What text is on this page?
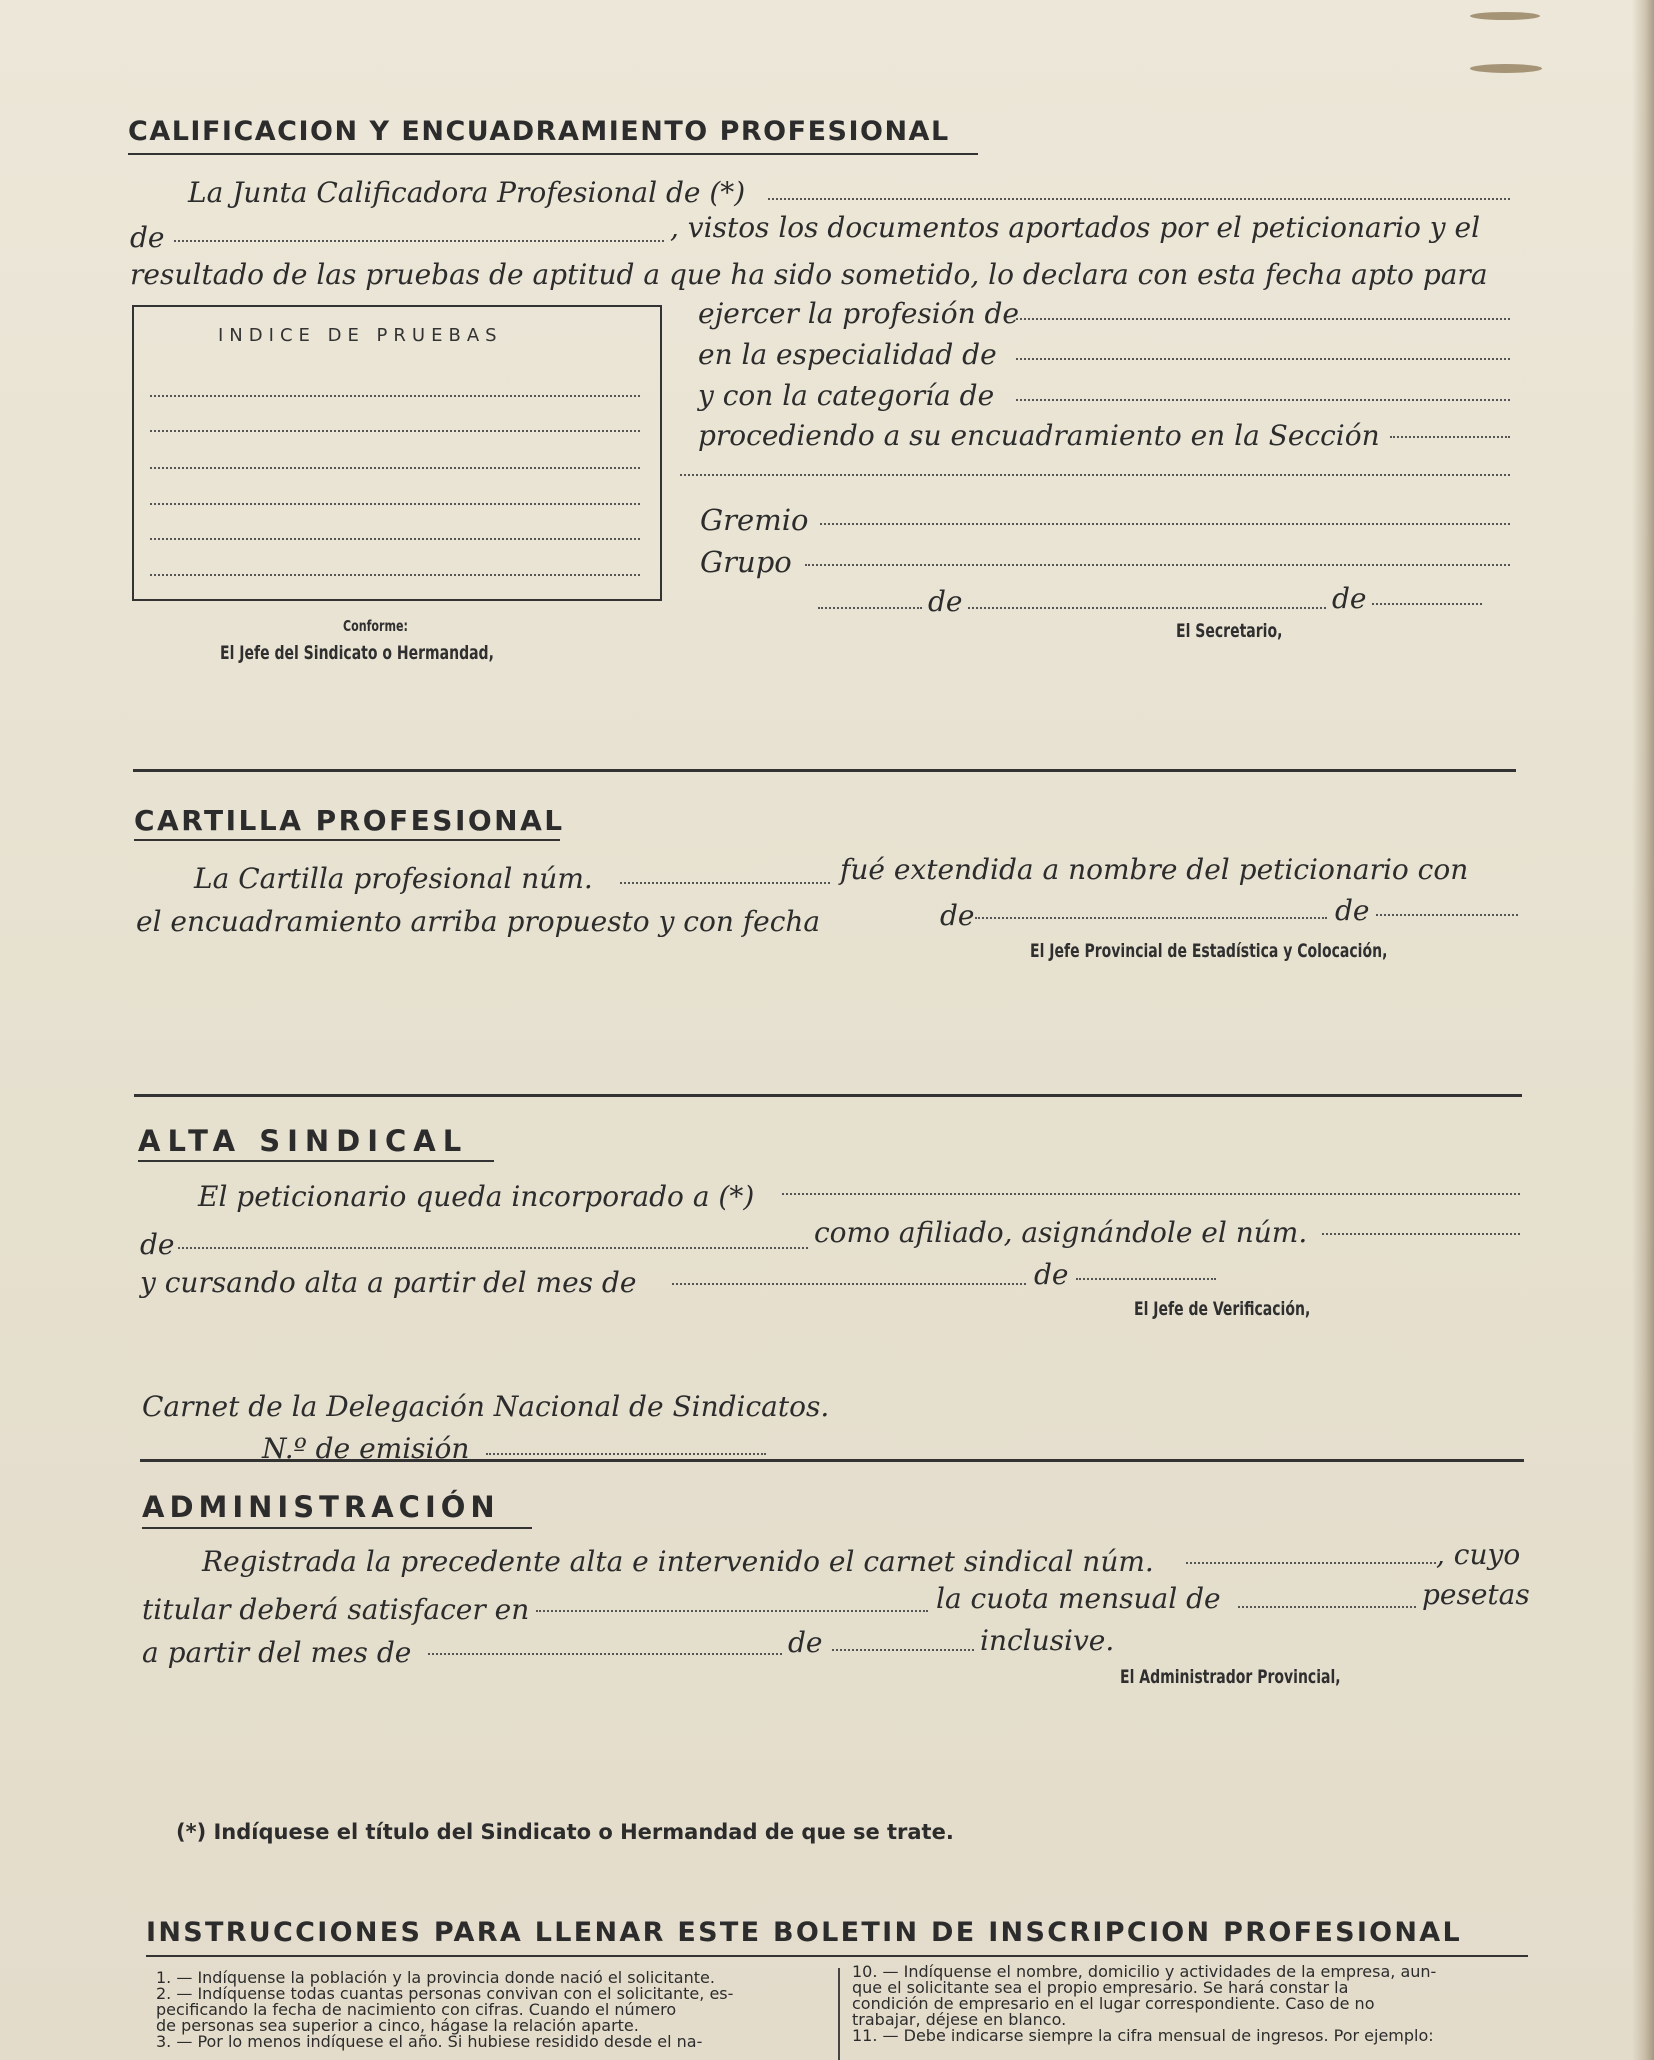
CALIFICACION Y ENCUADRAMIENTO PROFESIONAL
La Junta Calificadora Profesional de (*)
de	, vistos los documentos aportados por el peticionario y el
resultado de las pruebas de aptitud a que ha sido sometido, lo declara con esta fecha apto para
INDICE DE PRUEBAS
ejercer la profesión de
en la especialidad de
y con la categoría de
procediendo a su encuadramiento en la Sección
Gremio
Grupo
de	de
Conforme:
El Jefe del Sindicato o Hermandad,
El Secretario,
CARTILLA PROFESIONAL
La Cartilla profesional núm.	fué extendida a nombre del peticionario con
el encuadramiento arriba propuesto y con fecha	de	de
El Jefe Provincial de Estadística y Colocación,
ALTA SINDICAL
El peticionario queda incorporado a (*)
de	como afiliado, asignándole el núm.
y cursando alta a partir del mes de	de
El Jefe de Verificación,
Carnet de la Delegación Nacional de Sindicatos.
N.º de emisión
ADMINISTRACIÓN
Registrada la precedente alta e intervenido el carnet sindical núm.	, cuyo
titular deberá satisfacer en	la cuota mensual de	pesetas
a partir del mes de	de	inclusive.
El Administrador Provincial,
(*) Indíquese el título del Sindicato o Hermandad de que se trate.
INSTRUCCIONES PARA LLENAR ESTE BOLETIN DE INSCRIPCION PROFESIONAL

1. — Indíquense la población y la provincia donde nació el solicitante.

2. — Indíquense todas cuantas personas convivan con el solicitante, es-

pecificando la fecha de nacimiento con cifras. Cuando el número

de personas sea superior a cinco, hágase la relación aparte.

3. — Por lo menos indíquese el año. Si hubiese residido desde el na-

10. — Indíquense el nombre, domicilio y actividades de la empresa, aun-

que el solicitante sea el propio empresario. Se hará constar la

condición de empresario en el lugar correspondiente. Caso de no

trabajar, déjese en blanco.

11. — Debe indicarse siempre la cifra mensual de ingresos. Por ejemplo:
